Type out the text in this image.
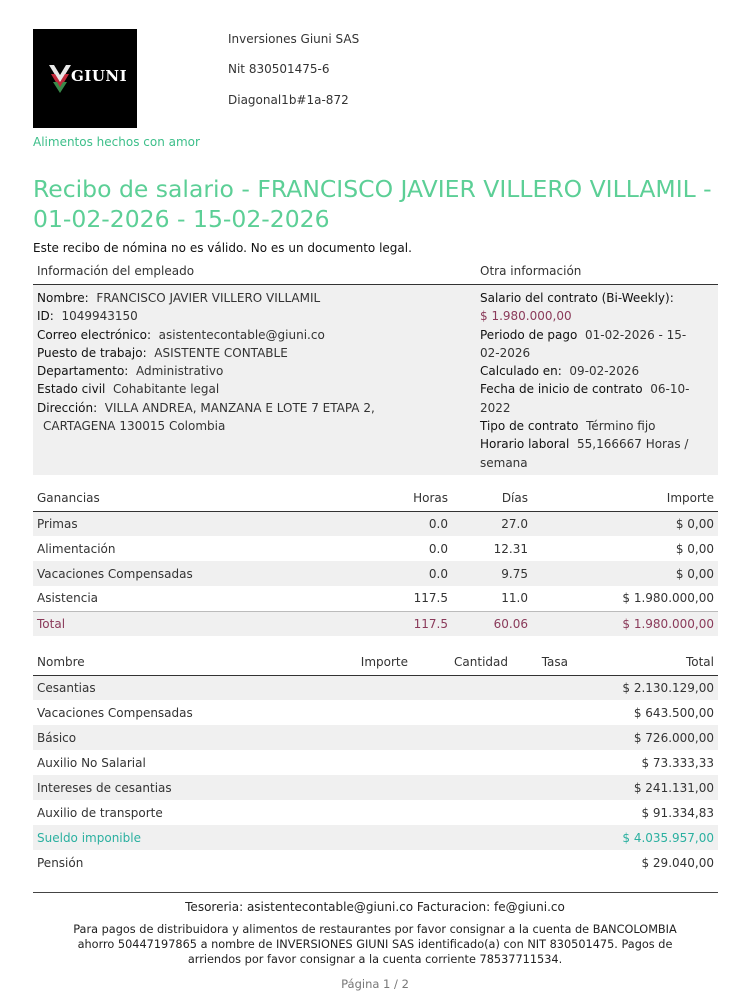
GIUNI
Inversiones Giuni SAS
Nit 830501475-6
Diagonal1b#1a-872
Alimentos hechos con amor
Recibo de salario - FRANCISCO JAVIER VILLERO VILLAMIL - 01-02-2026 - 15-02-2026
Este recibo de nómina no es válido. No es un documento legal.
Información del empleado	Otra información
Nombre: FRANCISCO JAVIER VILLERO VILLAMIL
ID: 1049943150
Correo electrónico: asistentecontable@giuni.co
Puesto de trabajo: ASISTENTE CONTABLE
Departamento: Administrativo
Estado civil Cohabitante legal
Dirección: VILLA ANDREA, MANZANA E LOTE 7 ETAPA 2,
CARTAGENA 130015 Colombia
Salario del contrato (Bi-Weekly):
$ 1.980.000,00
Periodo de pago 01-02-2026 - 15-
02-2026
Calculado en: 09-02-2026
Fecha de inicio de contrato 06-10-
2022
Tipo de contrato Término fijo
Horario laboral 55,166667 Horas /
semana
Ganancias	Horas	Días	Importe
Primas	0.0	27.0	$ 0,00
Alimentación	0.0	12.31	$ 0,00
Vacaciones Compensadas	0.0	9.75	$ 0,00
Asistencia	117.5	11.0	$ 1.980.000,00
Total	117.5	60.06	$ 1.980.000,00
Nombre	Importe	Cantidad	Tasa	Total
Cesantias				$ 2.130.129,00
Vacaciones Compensadas				$ 643.500,00
Básico				$ 726.000,00
Auxilio No Salarial				$ 73.333,33
Intereses de cesantias				$ 241.131,00
Auxilio de transporte				$ 91.334,83
Sueldo imponible				$ 4.035.957,00
Pensión				$ 29.040,00
Tesoreria: asistentecontable@giuni.co Facturacion: fe@giuni.co
Para pagos de distribuidora y alimentos de restaurantes por favor consignar a la cuenta de BANCOLOMBIA ahorro 50447197865 a nombre de INVERSIONES GIUNI SAS identificado(a) con NIT 830501475. Pagos de arriendos por favor consignar a la cuenta corriente 78537711534.
Página 1 / 2
